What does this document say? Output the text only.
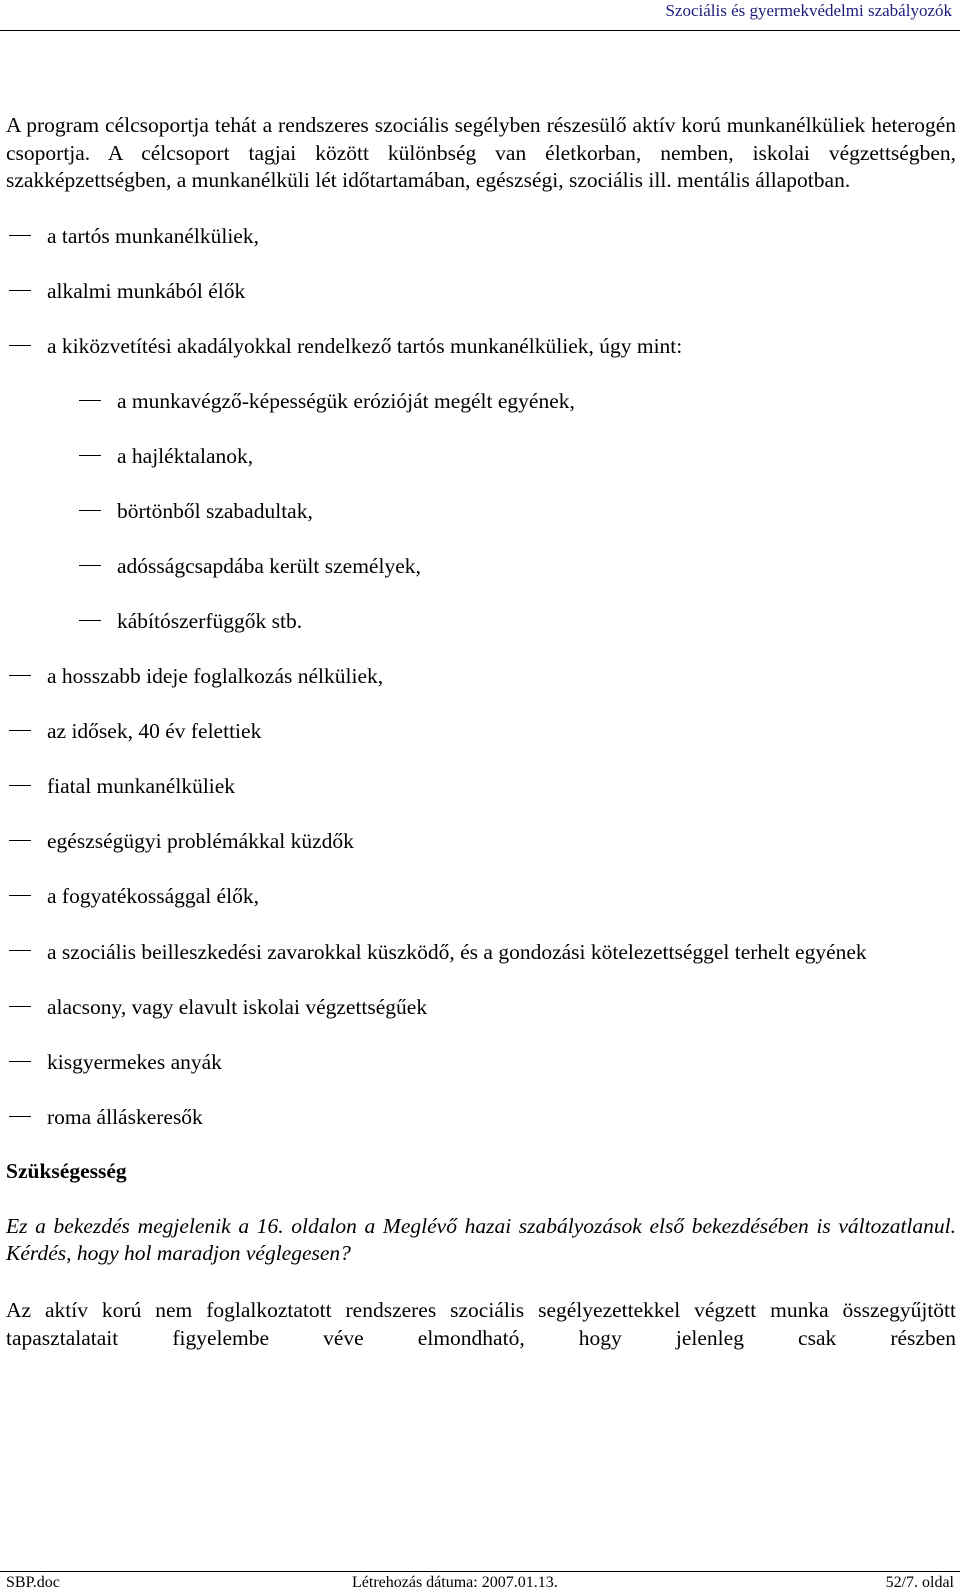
Szociális és gyermekvédelmi szabályozók

A program célcsoportja tehát a rendszeres szociális segélyben részesülő aktív korú munkanélküliek heterogén csoportja. A célcsoport tagjai között különbség van életkorban, nemben, iskolai végzettségben, szakképzettségben, a munkanélküli lét időtartamában, egészségi, szociális ill. mentális állapotban.

a tartós munkanélküliek,
alkalmi munkából élők
a kiközvetítési akadályokkal rendelkező tartós munkanélküliek, úgy mint:
a munkavégző-képességük erózióját megélt egyének,
a hajléktalanok,
börtönből szabadultak,
adósságcsapdába került személyek,
kábítószerfüggők stb.
a hosszabb ideje foglalkozás nélküliek,
az idősek, 40 év felettiek
fiatal munkanélküliek
egészségügyi problémákkal küzdők
a fogyatékossággal élők,
a szociális beilleszkedési zavarokkal küszködő, és a gondozási kötelezettséggel terhelt egyének
alacsony, vagy elavult iskolai végzettségűek
kisgyermekes anyák
roma álláskeresők
Szükségesség

Ez a bekezdés megjelenik a 16. oldalon a Meglévő hazai szabályozások első bekezdésében is változatlanul. Kérdés, hogy hol maradjon véglegesen?

Az aktív korú nem foglalkoztatott rendszeres szociális segélyezettekkel végzett munka összegyűjtött tapasztalatait figyelembe véve elmondható, hogy jelenleg csak részben

SBP.doc	Létrehozás dátuma: 2007.01.13.	52/7. oldal
